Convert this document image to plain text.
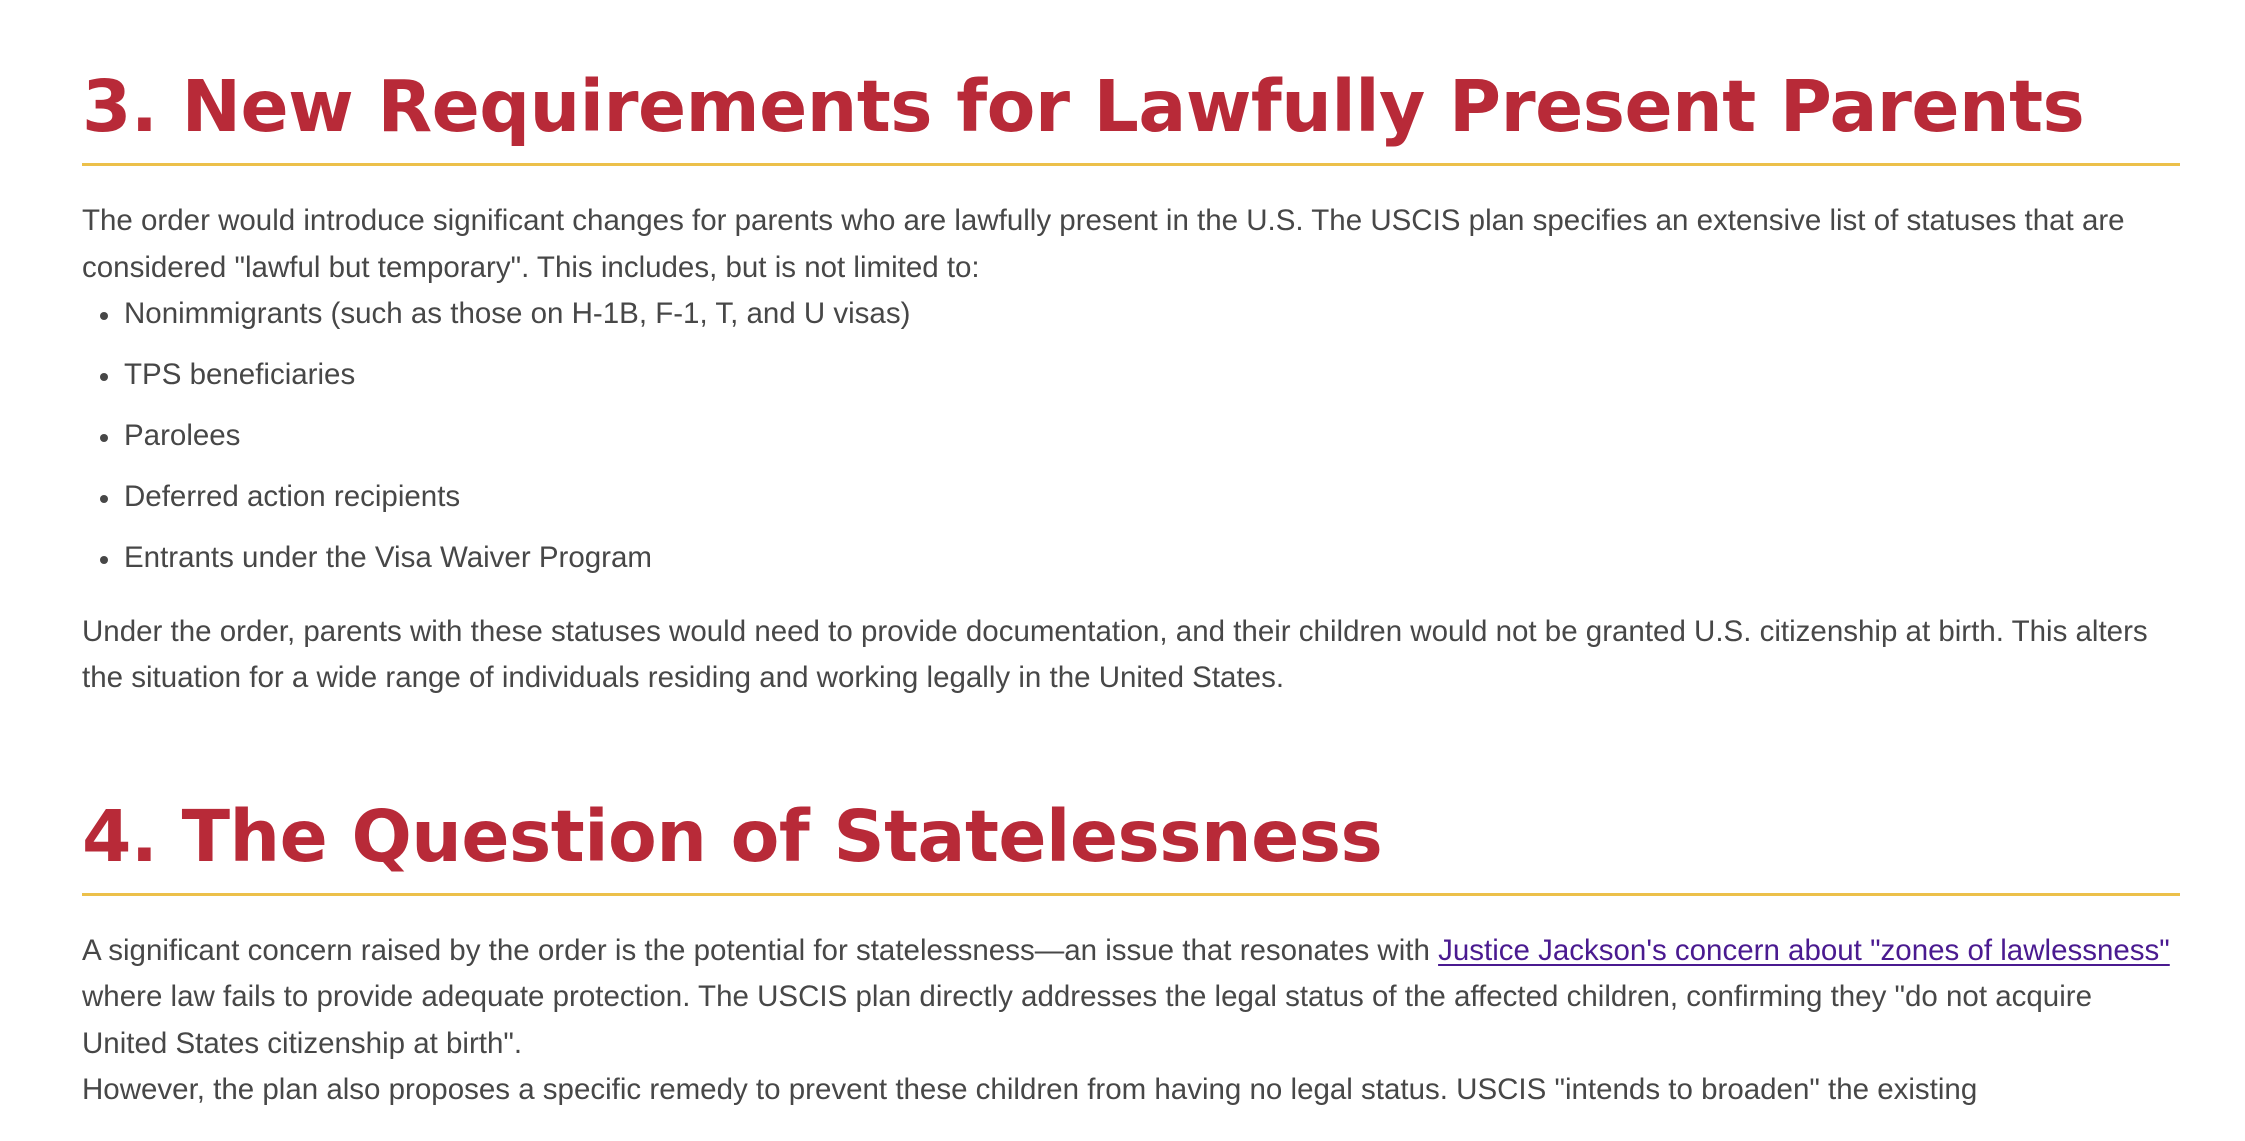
3. New Requirements for Lawfully Present Parents

The order would introduce significant changes for parents who are lawfully present in the U.S. The USCIS plan specifies an extensive list of statuses that are considered "lawful but temporary". This includes, but is not limited to:

Nonimmigrants (such as those on H-1B, F-1, T, and U visas)
TPS beneficiaries
Parolees
Deferred action recipients
Entrants under the Visa Waiver Program

Under the order, parents with these statuses would need to provide documentation, and their children would not be granted U.S. citizenship at birth. This alters the situation for a wide range of individuals residing and working legally in the United States.

4. The Question of Statelessness

A significant concern raised by the order is the potential for statelessness—an issue that resonates with Justice Jackson's concern about "zones of lawlessness" where law fails to provide adequate protection. The USCIS plan directly addresses the legal status of the affected children, confirming they "do not acquire United States citizenship at birth".

However, the plan also proposes a specific remedy to prevent these children from having no legal status. USCIS "intends to broaden" the existing
